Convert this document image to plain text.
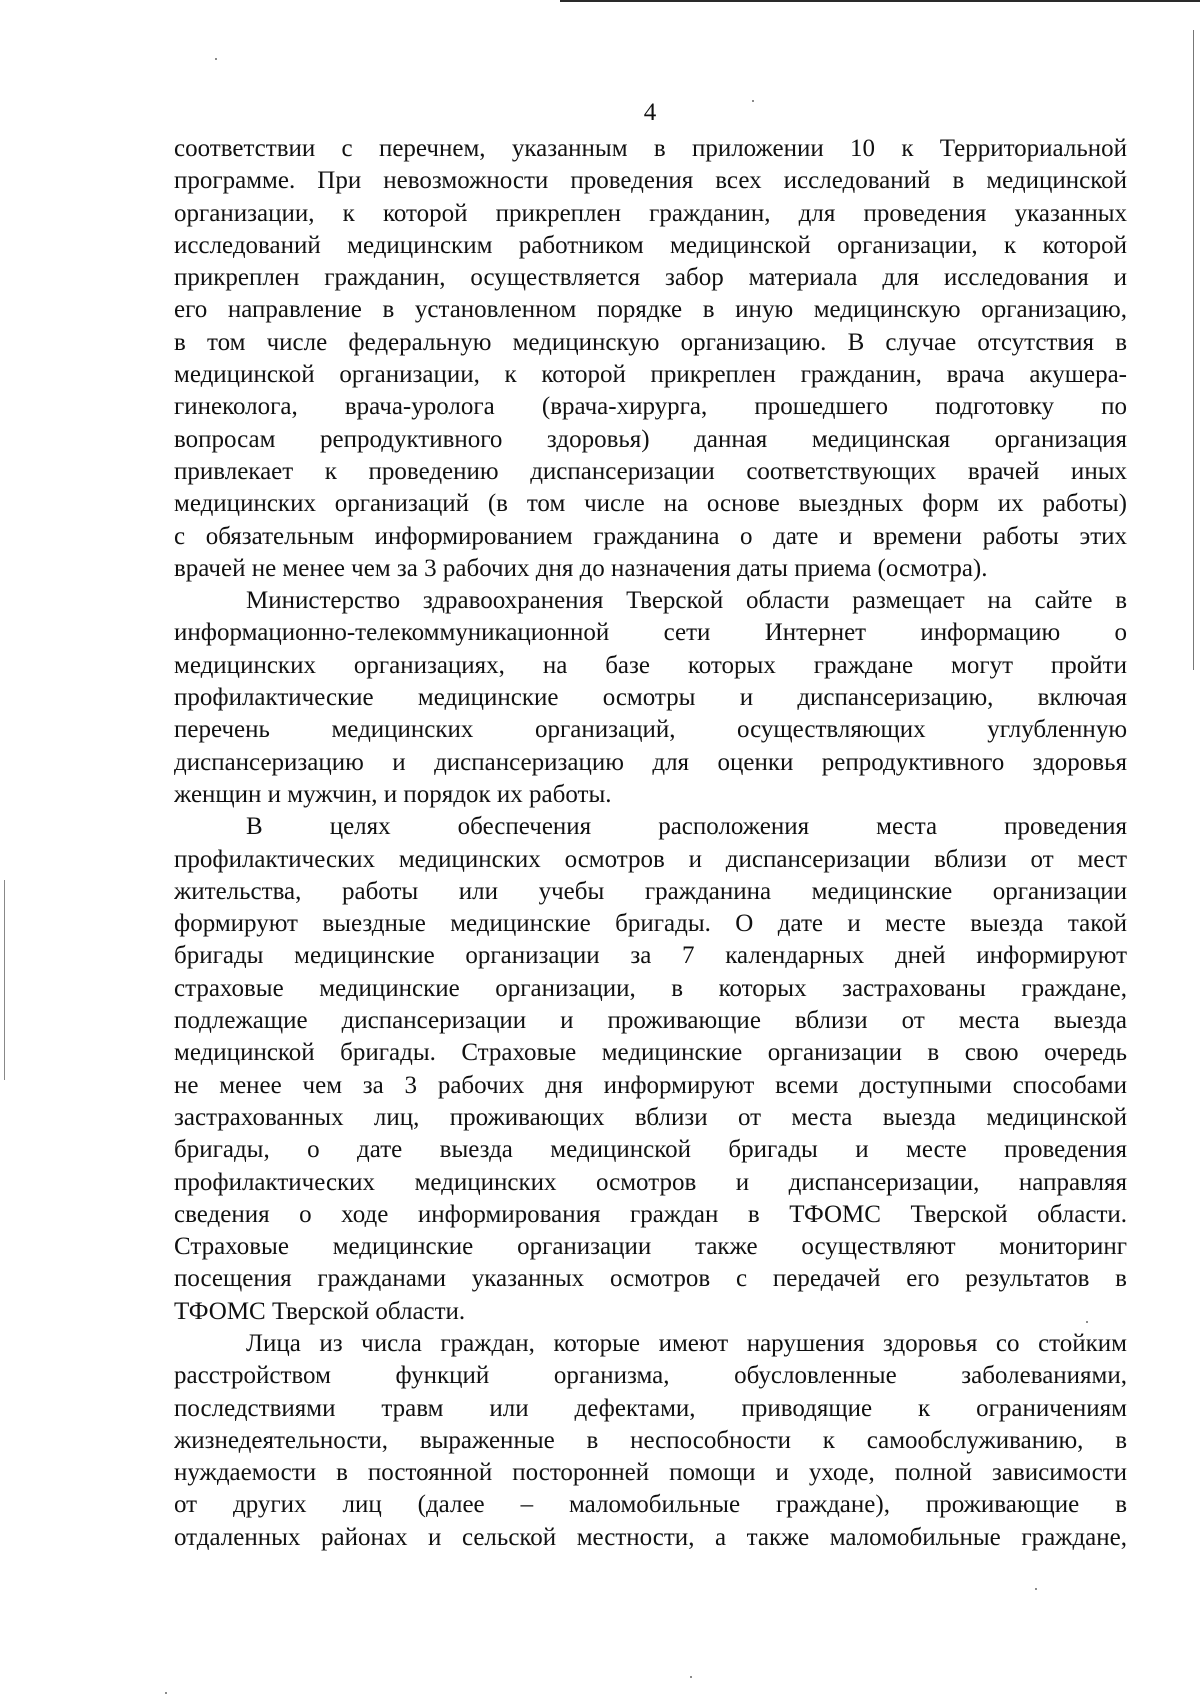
4
соответствии с перечнем, указанным в приложении 10 к Территориальной
программе. При невозможности проведения всех исследований в медицинской
организации, к которой прикреплен гражданин, для проведения указанных
исследований медицинским работником медицинской организации, к которой
прикреплен гражданин, осуществляется забор материала для исследования и
его направление в установленном порядке в иную медицинскую организацию,
в том числе федеральную медицинскую организацию. В случае отсутствия в
медицинской организации, к которой прикреплен гражданин, врача акушера-
гинеколога, врача-уролога (врача-хирурга, прошедшего подготовку по
вопросам репродуктивного здоровья) данная медицинская организация
привлекает к проведению диспансеризации соответствующих врачей иных
медицинских организаций (в том числе на основе выездных форм их работы)
с обязательным информированием гражданина о дате и времени работы этих
врачей не менее чем за 3 рабочих дня до назначения даты приема (осмотра).
Министерство здравоохранения Тверской области размещает на сайте в
информационно-телекоммуникационной сети Интернет информацию о
медицинских организациях, на базе которых граждане могут пройти
профилактические медицинские осмотры и диспансеризацию, включая
перечень медицинских организаций, осуществляющих углубленную
диспансеризацию и диспансеризацию для оценки репродуктивного здоровья
женщин и мужчин, и порядок их работы.
В целях обеспечения расположения места проведения
профилактических медицинских осмотров и диспансеризации вблизи от мест
жительства, работы или учебы гражданина медицинские организации
формируют выездные медицинские бригады. О дате и месте выезда такой
бригады медицинские организации за 7 календарных дней информируют
страховые медицинские организации, в которых застрахованы граждане,
подлежащие диспансеризации и проживающие вблизи от места выезда
медицинской бригады. Страховые медицинские организации в свою очередь
не менее чем за 3 рабочих дня информируют всеми доступными способами
застрахованных лиц, проживающих вблизи от места выезда медицинской
бригады, о дате выезда медицинской бригады и месте проведения
профилактических медицинских осмотров и диспансеризации, направляя
сведения о ходе информирования граждан в ТФОМС Тверской области.
Страховые медицинские организации также осуществляют мониторинг
посещения гражданами указанных осмотров с передачей его результатов в
ТФОМС Тверской области.
Лица из числа граждан, которые имеют нарушения здоровья со стойким
расстройством функций организма, обусловленные заболеваниями,
последствиями травм или дефектами, приводящие к ограничениям
жизнедеятельности, выраженные в неспособности к самообслуживанию, в
нуждаемости в постоянной посторонней помощи и уходе, полной зависимости
от других лиц (далее – маломобильные граждане), проживающие в
отдаленных районах и сельской местности, а также маломобильные граждане,
